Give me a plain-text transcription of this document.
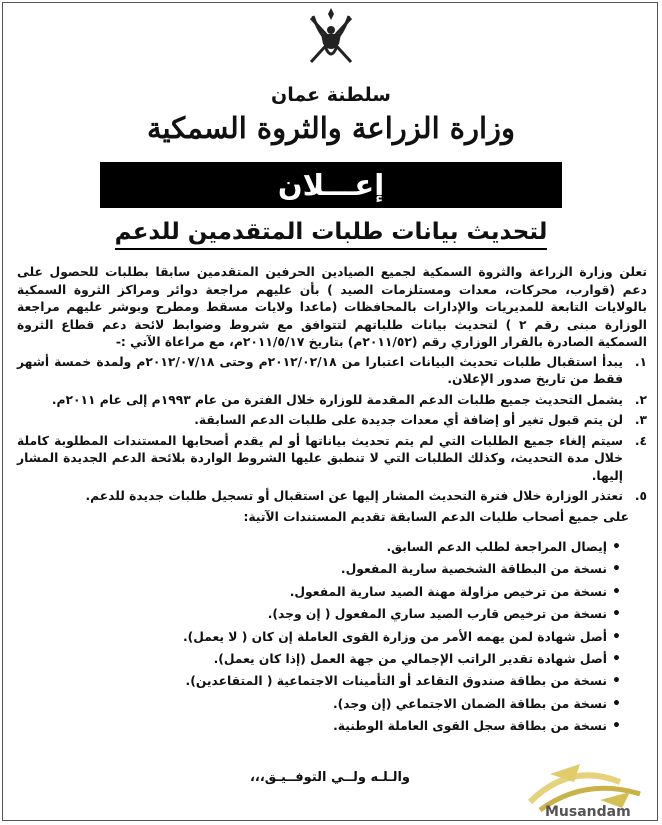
سلطنة عمان
وزارة الزراعة والثروة السمكية
إعـــلان
لتحديث بيانات طلبات المتقدمين للدعم

تعلن وزارة الزراعة والثروة السمكية لجميع الصيادين الحرفين المتقدمين سابقا بطلبات للحصول على دعم (قوارب، محركات، معدات ومستلزمات الصيد ) بأن عليهم مراجعة دوائر ومراكز الثروة السمكية بالولايات التابعة للمديريات والإدارات بالمحافظات (ماعدا ولايات مسقط ومطرح وبوشر عليهم مراجعة الوزارة مبنى رقم ٢ ) لتحديث بيانات طلباتهم لتتوافق مع شروط وضوابط لائحة دعم قطاع الثروة السمكية الصادرة بالقرار الوزاري رقم (٢٠١١/٥٢م) بتاريخ ٢٠١١/٥/١٧م، مع مراعاة الآتي :-

١.
يبدأ استقبال طلبات تحديث البيانات اعتبارا من ٢٠١٢/٠٢/١٨م وحتى ٢٠١٢/٠٧/١٨م ولمدة خمسة أشهر فقط من تاريخ صدور الإعلان.
٢.
يشمل التحديث جميع طلبات الدعم المقدمة للوزارة خلال الفترة من عام ١٩٩٣م إلى عام ٢٠١١م.
٣.
لن يتم قبول تغير أو إضافة أي معدات جديدة على طلبات الدعم السابقة.
٤.
سيتم إلغاء جميع الطلبات التي لم يتم تحديث بياناتها أو لم يقدم أصحابها المستندات المطلوبة كاملة خلال مدة التحديث، وكذلك الطلبات التي لا تنطبق عليها الشروط الواردة بلائحة الدعم الجديدة المشار إليها.
٥.
تعتذر الوزارة خلال فترة التحديث المشار إليها عن استقبال أو تسجيل طلبات جديدة للدعم.

على جميع أصحاب طلبات الدعم السابقة تقديم المستندات الآتية:

• إيصال المراجعة لطلب الدعم السابق.
• نسخة من البطاقة الشخصية سارية المفعول.
• نسخة من ترخيص مزاولة مهنة الصيد سارية المفعول.
• نسخة من ترخيص قارب الصيد ساري المفعول ( إن وجد).
• أصل شهادة لمن يهمه الأمر من وزارة القوى العاملة إن كان ( لا يعمل).
• أصل شهادة تقدير الراتب الإجمالي من جهة العمل (إذا كان يعمل).
• نسخة من بطاقة صندوق التقاعد أو التأمينات الاجتماعية ( المتقاعدين).
• نسخة من بطاقة الضمان الاجتماعي (إن وجد).
• نسخة من بطاقة سجل القوى العاملة الوطنية.
والـلـه ولــي التوفــيـق،،،
Musandam
